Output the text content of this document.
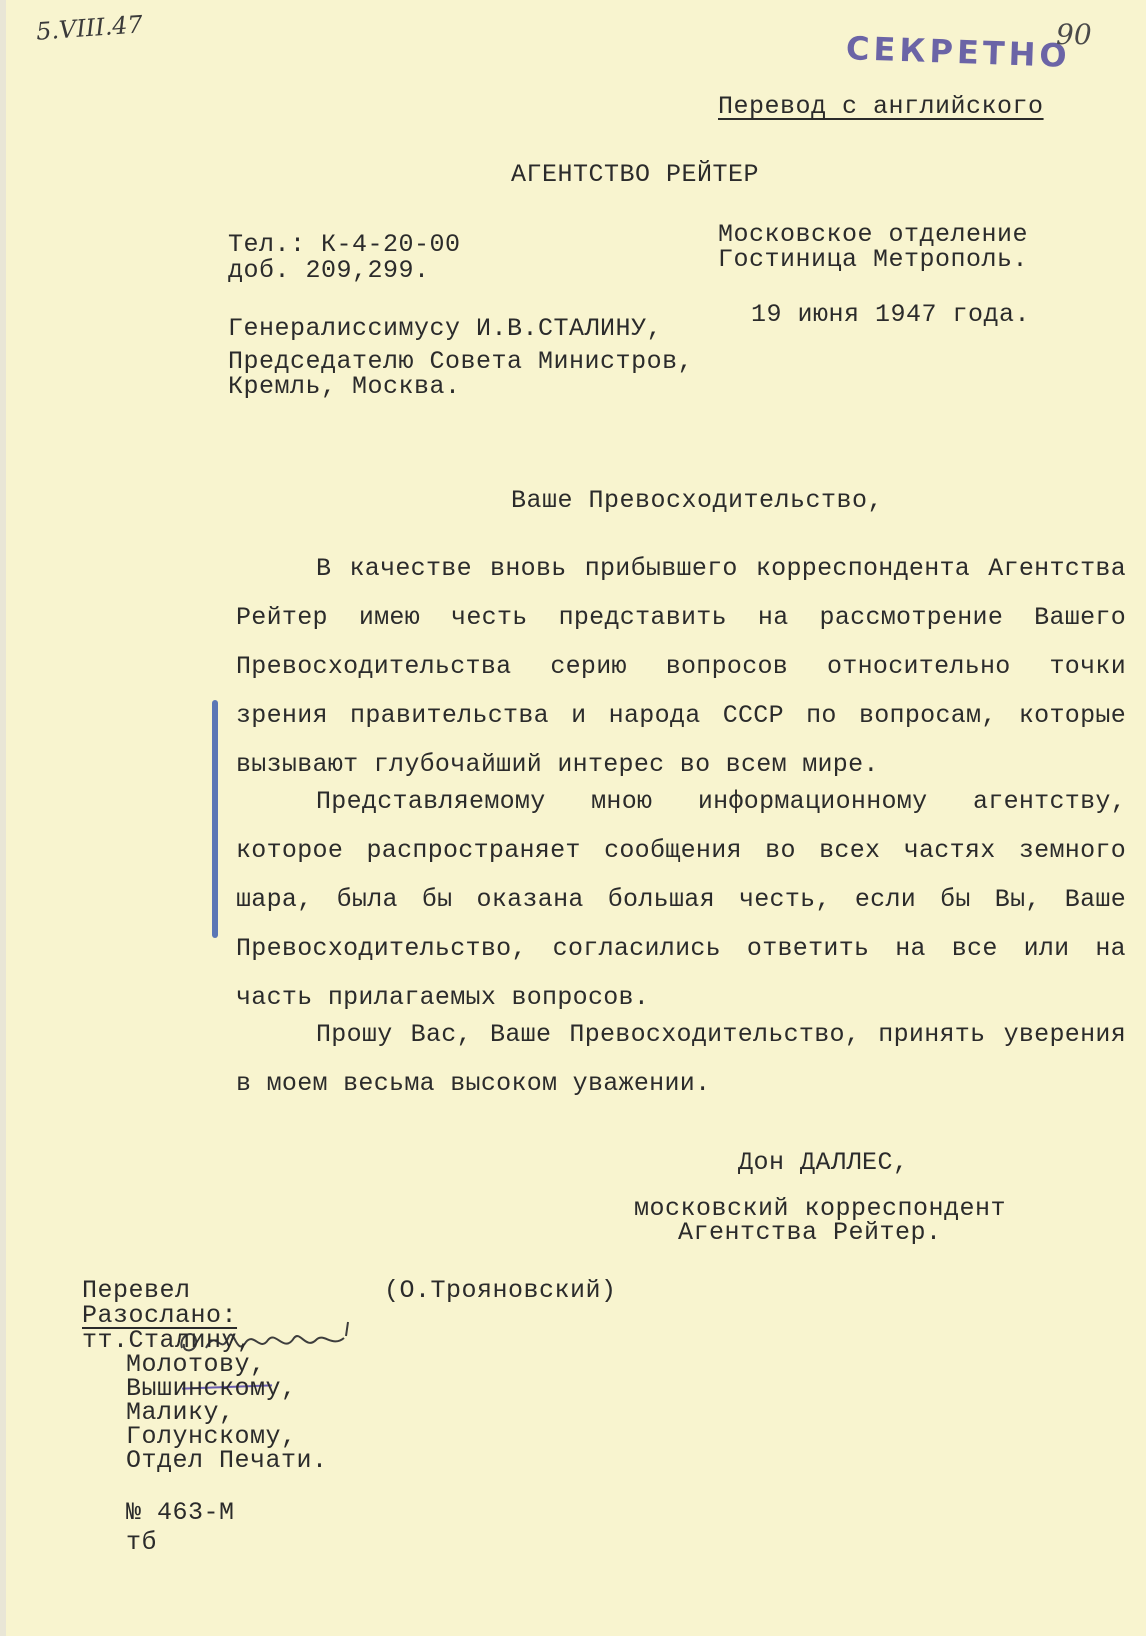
5.VIII.47
СЕКРЕТНО
90
Перевод с английского
АГЕНТСТВО РЕЙТЕР
Тел.: К-4-20-00
доб. 209,299.
Московское отделение
Гостиница Метрополь.
19 июня 1947 года.
Генералиссимусу И.В.СТАЛИНУ,
Председателю Совета Министров,
Кремль, Москва.
Ваше Превосходительство,
В качестве вновь прибывшего корреспондента Агентства Рейтер имею честь представить на рассмотрение Вашего Превосходительства серию вопросов относительно точки зрения правительства и народа СССР по вопросам, которые вызывают глубочайший интерес во всем мире.
Представляемому мною информационному агентству, которое распространяет сообщения во всех частях земного шара, была бы оказана большая честь, если бы Вы, Ваше Превосходительство, согласились ответить на все или на часть прилагаемых вопросов.
Прошу Вас, Ваше Превосходительство, принять уверения в моем весьма высоком уважении.
Дон ДАЛЛЕС,
московский корреспондент
Агентства Рейтер.
Перевел	(О.Трояновский)
Разослано:
тт.Сталину,
Молотову,
Вышинскому,
Малику,
Голунскому,
Отдел Печати.
№ 463-М
тб
